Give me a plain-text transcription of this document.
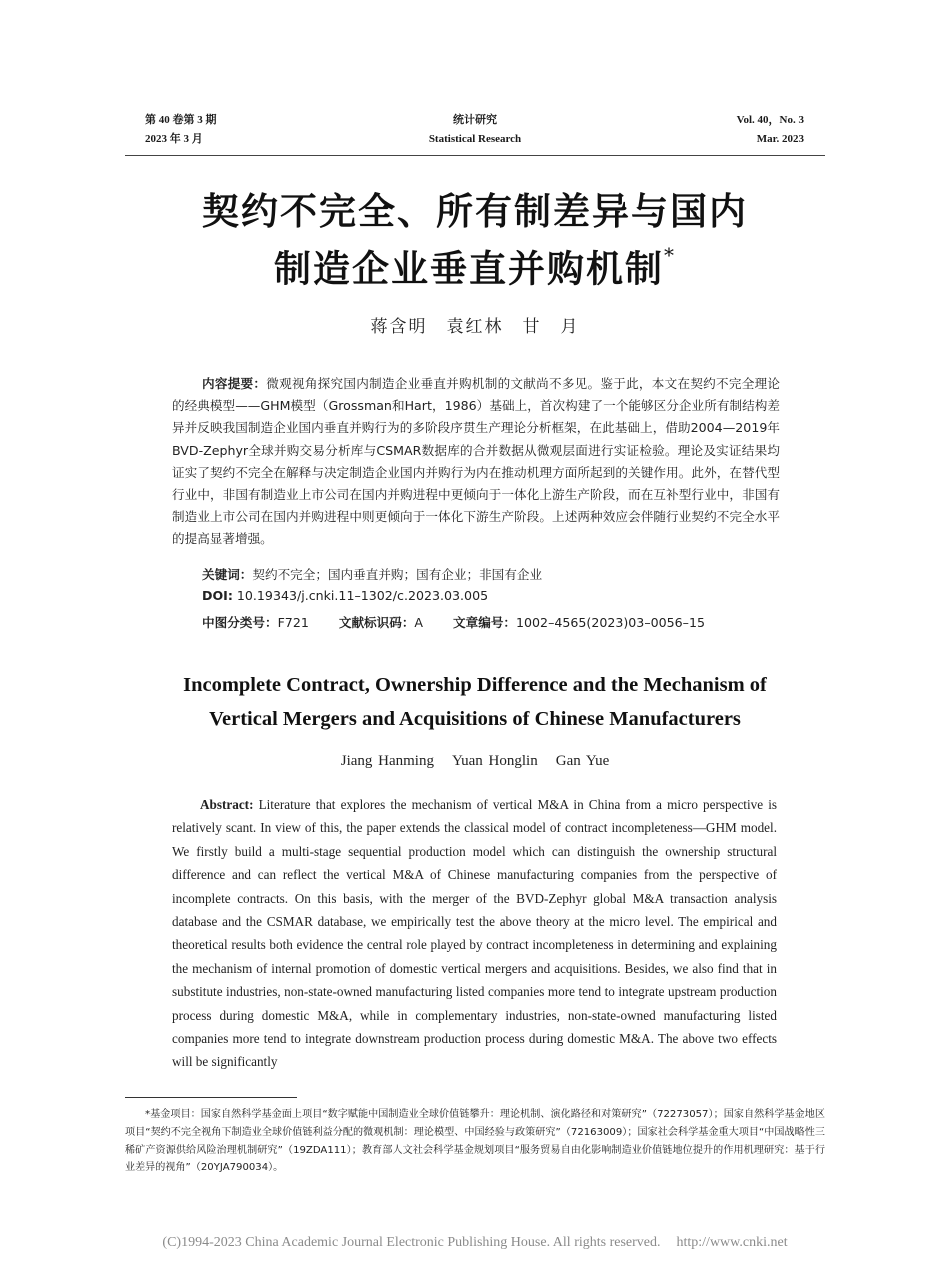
第 40 卷第 3 期
2023 年 3 月
统计研究
Statistical Research
Vol. 40，No. 3
Mar. 2023
契约不完全、所有制差异与国内
制造企业垂直并购机制*
蒋含明　袁红林　甘　月
内容提要：微观视角探究国内制造企业垂直并购机制的文献尚不多见。鉴于此，本文在契约不完全理论的经典模型——GHM模型（Grossman和Hart，1986）基础上，首次构建了一个能够区分企业所有制结构差异并反映我国制造企业国内垂直并购行为的多阶段序贯生产理论分析框架，在此基础上，借助2004—2019年BVD-Zephyr全球并购交易分析库与CSMAR数据库的合并数据从微观层面进行实证检验。理论及实证结果均证实了契约不完全在解释与决定制造企业国内并购行为内在推动机理方面所起到的关键作用。此外，在替代型行业中，非国有制造业上市公司在国内并购进程中更倾向于一体化上游生产阶段，而在互补型行业中，非国有制造业上市公司在国内并购进程中则更倾向于一体化下游生产阶段。上述两种效应会伴随行业契约不完全水平的提高显著增强。
关键词：契约不完全；国内垂直并购；国有企业；非国有企业
DOI: 10.19343/j.cnki.11–1302/c.2023.03.005
中图分类号：F721 文献标识码：A 文章编号：1002–4565(2023)03–0056–15
Incomplete Contract, Ownership Difference and the Mechanism of
Vertical Mergers and Acquisitions of Chinese Manufacturers
Jiang Hanming Yuan Honglin Gan Yue
Abstract: Literature that explores the mechanism of vertical M&A in China from a micro perspective is relatively scant. In view of this, the paper extends the classical model of contract incompleteness—GHM model. We firstly build a multi-stage sequential production model which can distinguish the ownership structural difference and can reflect the vertical M&A of Chinese manufacturing companies from the perspective of incomplete contracts. On this basis, with the merger of the BVD-Zephyr global M&A transaction analysis database and the CSMAR database, we empirically test the above theory at the micro level. The empirical and theoretical results both evidence the central role played by contract incompleteness in determining and explaining the mechanism of internal promotion of domestic vertical mergers and acquisitions. Besides, we also find that in substitute industries, non-state-owned manufacturing listed companies more tend to integrate upstream production process during domestic M&A, while in complementary industries, non-state-owned manufacturing listed companies more tend to integrate downstream production process during domestic M&A. The above two effects will be significantly
*基金项目：国家自然科学基金面上项目“数字赋能中国制造业全球价值链攀升：理论机制、演化路径和对策研究”（72273057）；国家自然科学基金地区项目“契约不完全视角下制造业全球价值链利益分配的微观机制：理论模型、中国经验与政策研究”（72163009）；国家社会科学基金重大项目“中国战略性三稀矿产资源供给风险治理机制研究”（19ZDA111）；教育部人文社会科学基金规划项目“服务贸易自由化影响制造业价值链地位提升的作用机理研究：基于行业差异的视角”（20YJA790034）。
(C)1994-2023 China Academic Journal Electronic Publishing House. All rights reserved. http://www.cnki.net
